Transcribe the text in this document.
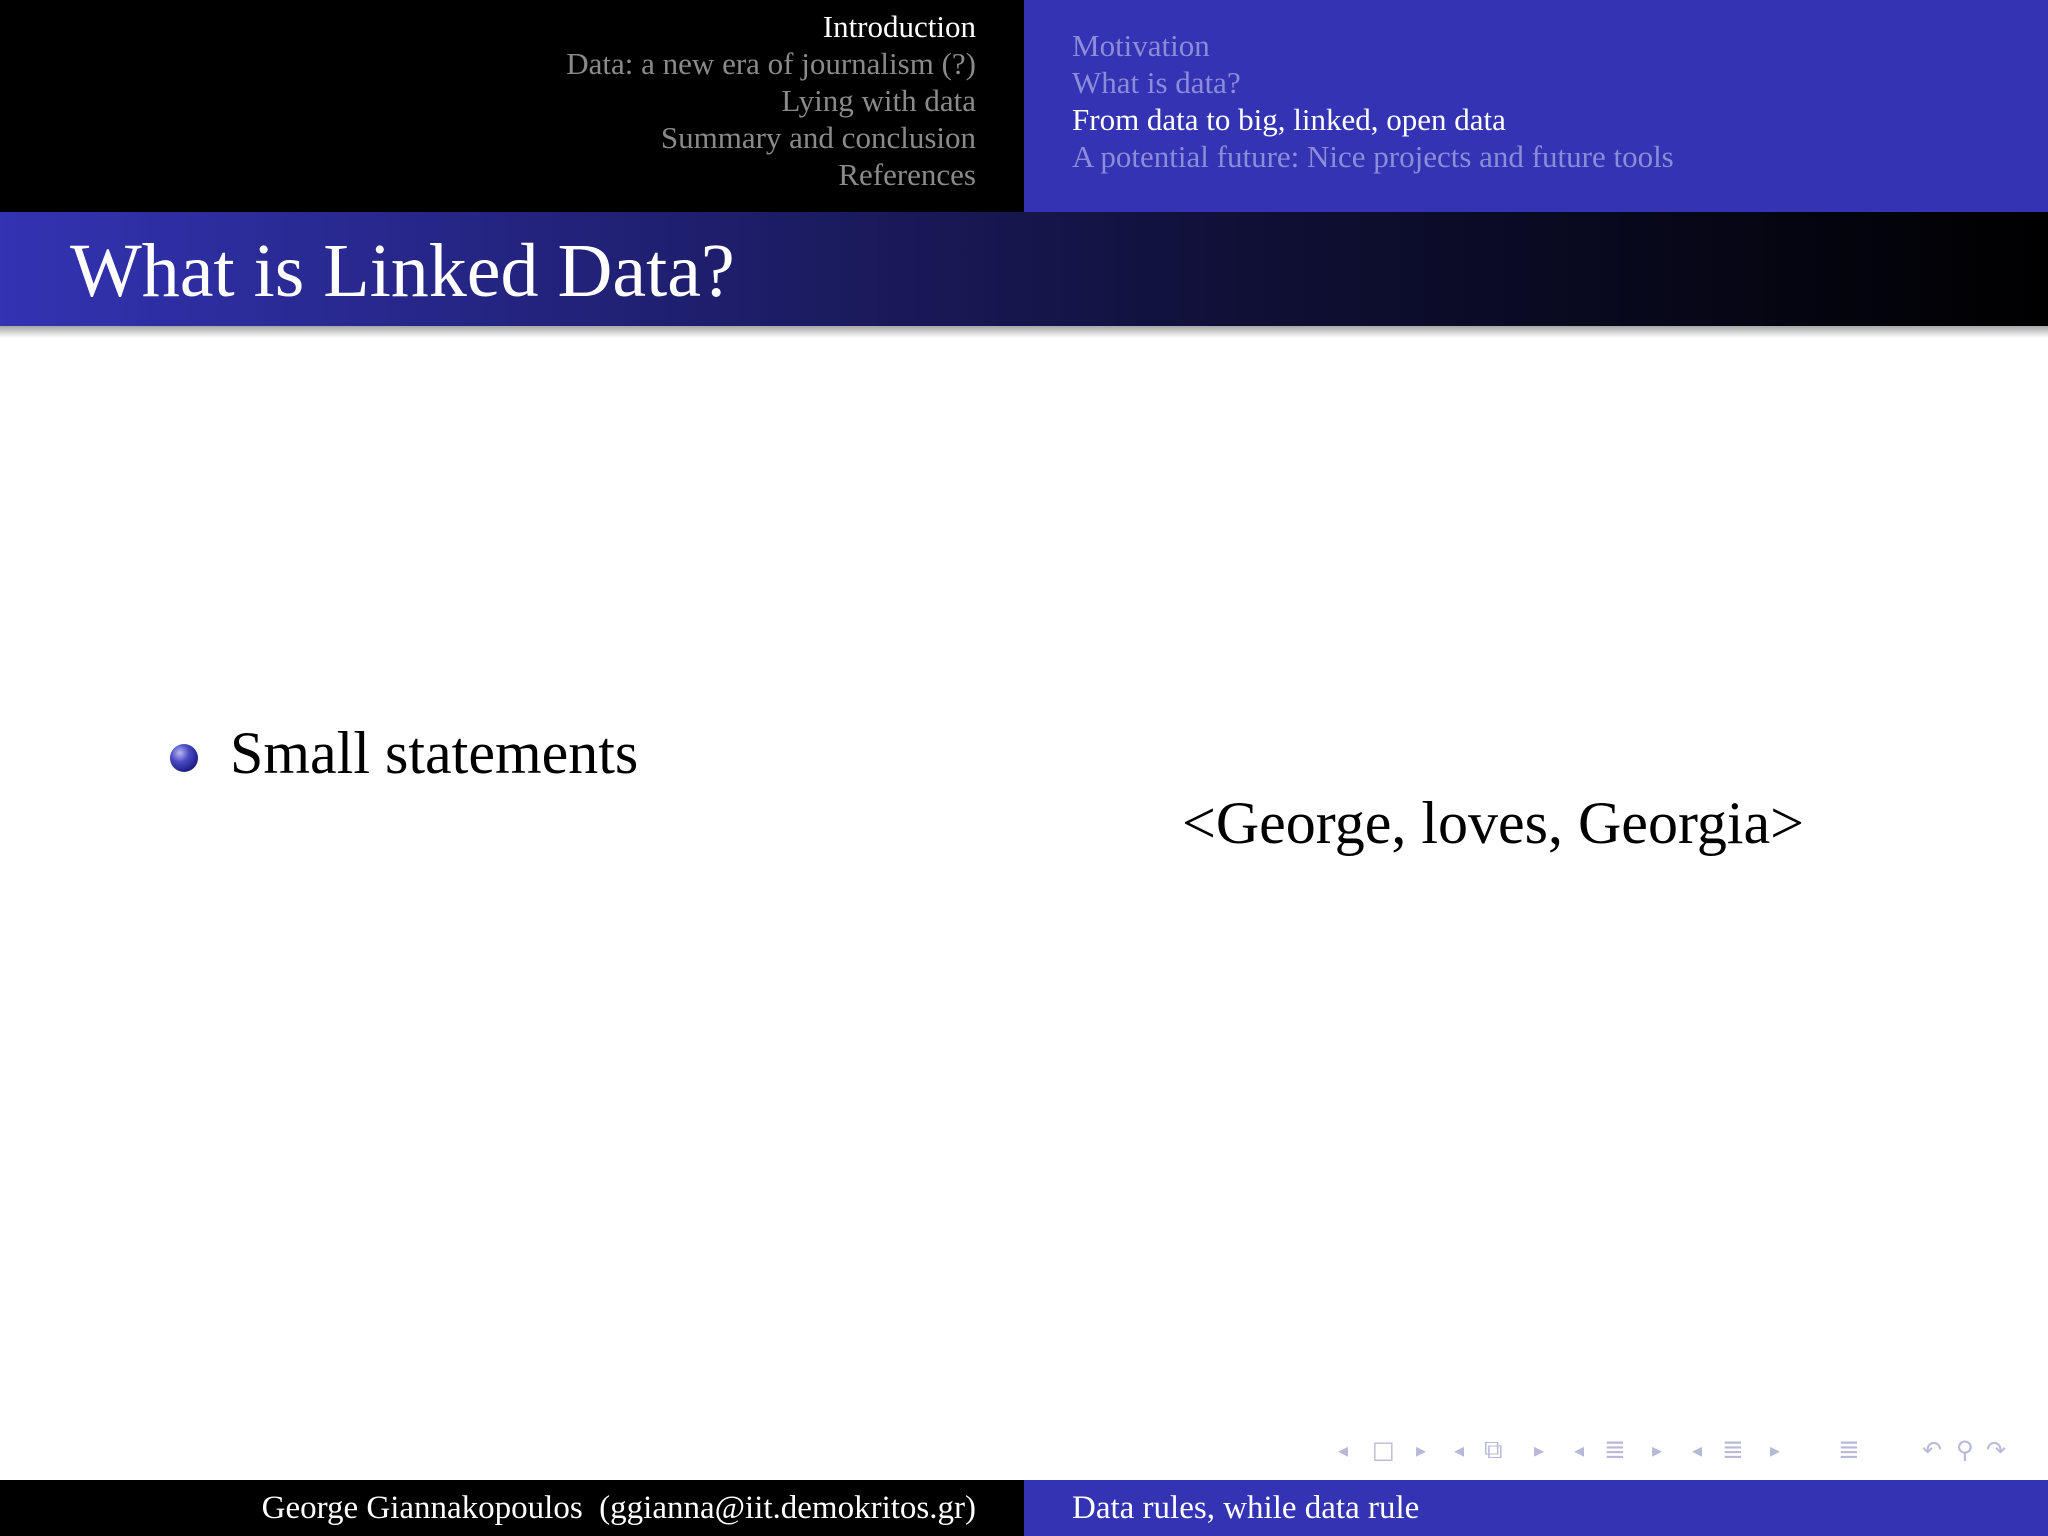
Introduction
Data: a new era of journalism (?)
Lying with data
Summary and conclusion
References
Motivation
What is data?
From data to big, linked, open data
A potential future: Nice projects and future tools
What is Linked Data?
Small statements
<George, loves, Georgia>
◂ □ ▸ ◂ ⧉ ▸ ◂ ≣ ▸ ◂ ≣ ▸ ≣	↶ ⚲ ↷
George Giannakopoulos  (ggianna@iit.demokritos.gr)	Data rules, while data rule
